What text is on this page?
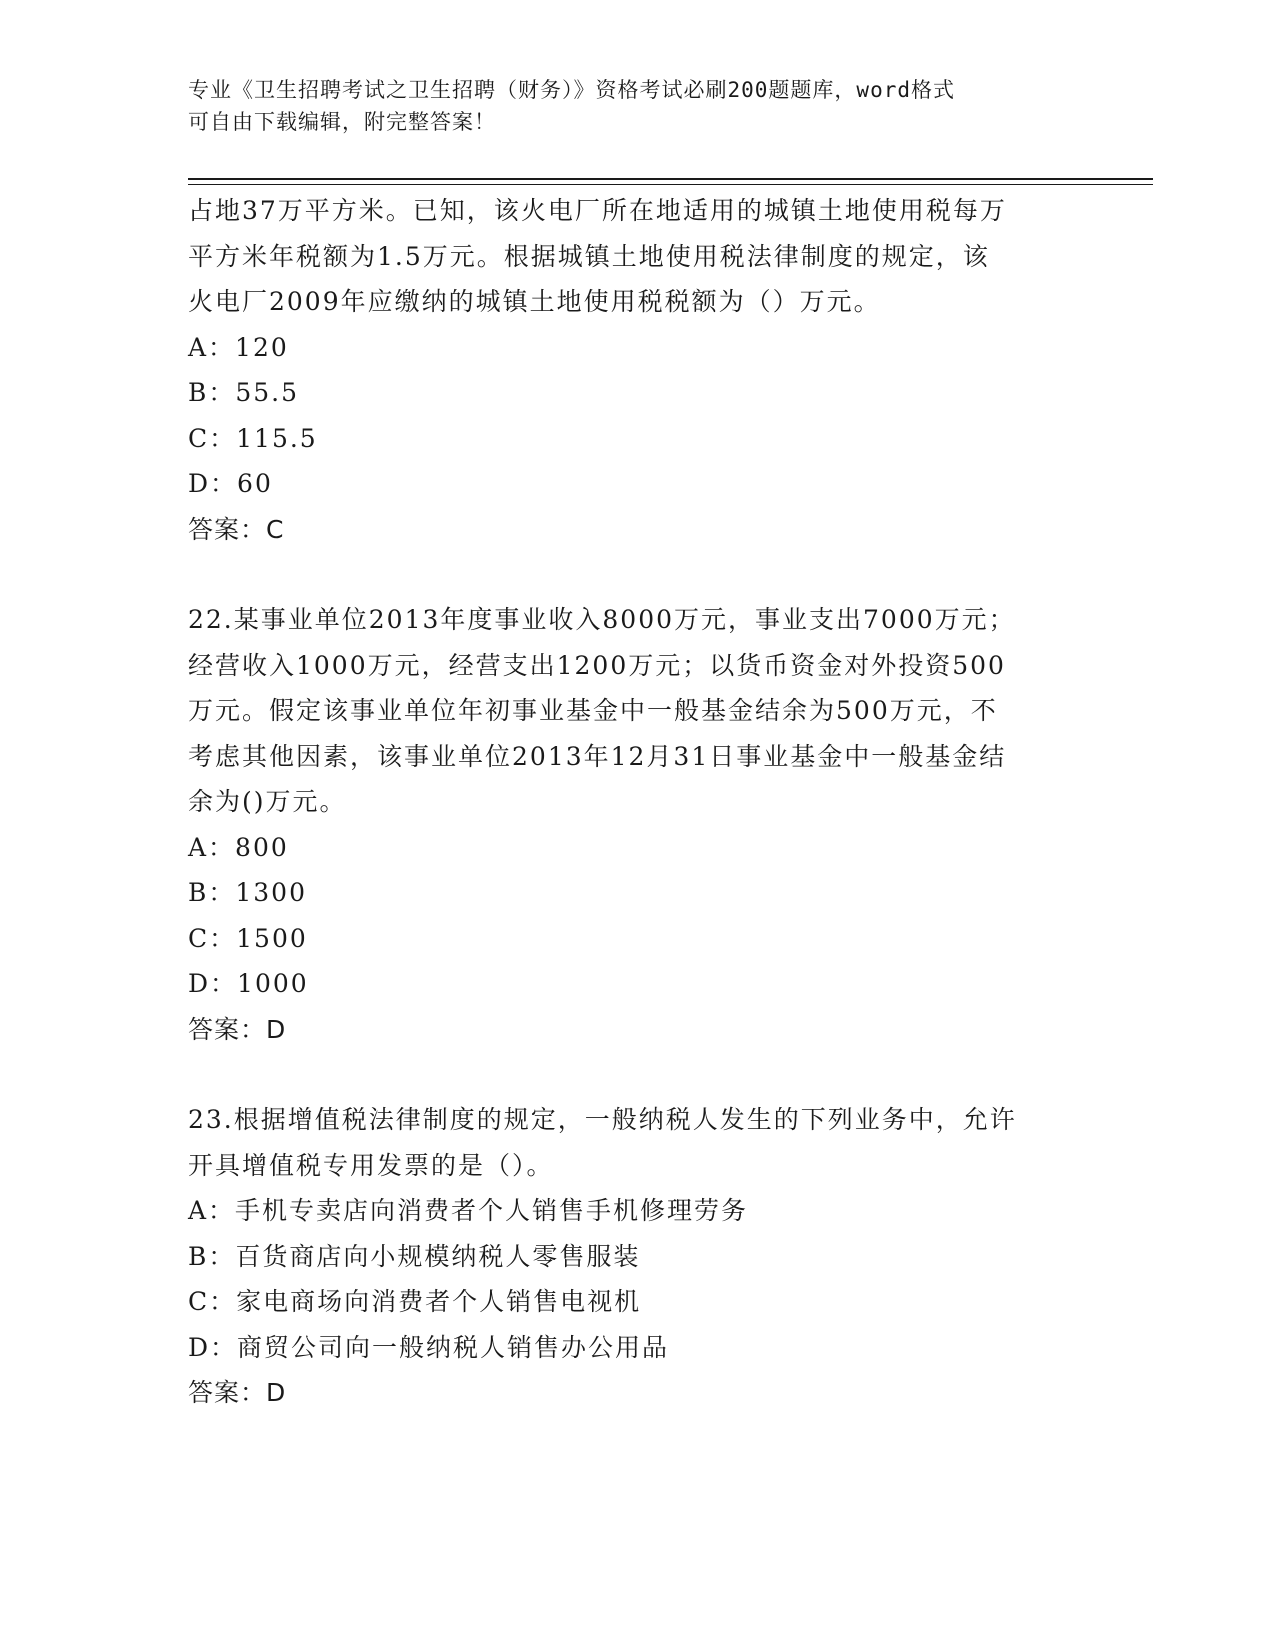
专业《卫生招聘考试之卫生招聘（财务）》资格考试必刷200题题库，word格式
可自由下载编辑，附完整答案！
占地37万平方米。已知，该火电厂所在地适用的城镇土地使用税每万
平方米年税额为1.5万元。根据城镇土地使用税法律制度的规定，该
火电厂2009年应缴纳的城镇土地使用税税额为（）万元。
A：120
B：55.5
C：115.5
D：60
答案：C
22.某事业单位2013年度事业收入8000万元，事业支出7000万元；
经营收入1000万元，经营支出1200万元；以货币资金对外投资500
万元。假定该事业单位年初事业基金中一般基金结余为500万元，不
考虑其他因素，该事业单位2013年12月31日事业基金中一般基金结
余为()万元。
A：800
B：1300
C：1500
D：1000
答案：D
23.根据增值税法律制度的规定，一般纳税人发生的下列业务中，允许
开具增值税专用发票的是（）。
A：手机专卖店向消费者个人销售手机修理劳务
B：百货商店向小规模纳税人零售服装
C：家电商场向消费者个人销售电视机
D：商贸公司向一般纳税人销售办公用品
答案：D
